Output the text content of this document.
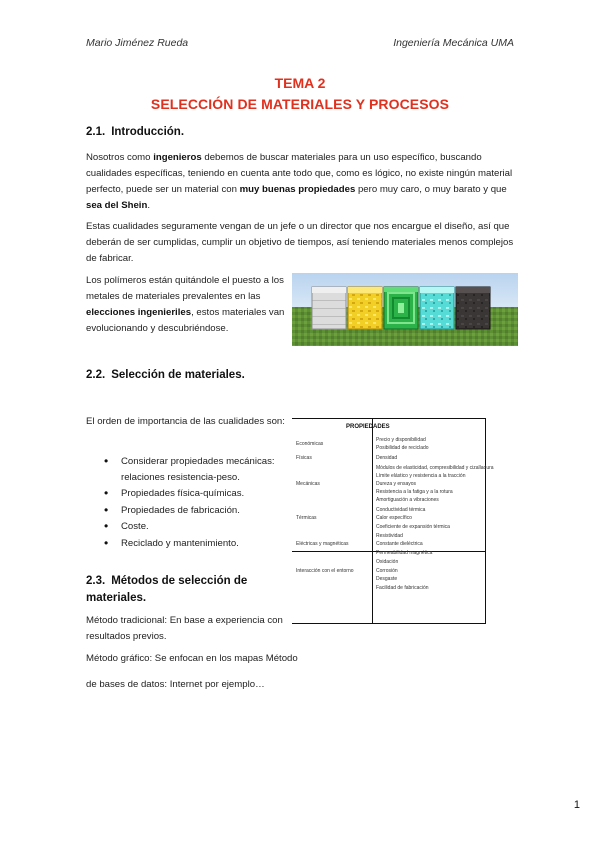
Mario Jiménez Rueda	Ingeniería Mecánica UMA
TEMA 2
SELECCIÓN DE MATERIALES Y PROCESOS
2.1. Introducción.

Nosotros como ingenieros debemos de buscar materiales para un uso específico, buscando cualidades específicas, teniendo en cuenta ante todo que, como es lógico, no existe ningún material perfecto, puede ser un material con muy buenas propiedades pero muy caro, o muy barato y que sea del Shein.

Estas cualidades seguramente vengan de un jefe o un director que nos encargue el diseño, así que deberán de ser cumplidas, cumplir un objetivo de tiempos, así teniendo materiales menos complejos de fabricar.

Los polímeros están quitándole el puesto a los metales de materiales prevalentes en las elecciones ingenieriles, estos materiales van evolucionando y descubriéndose.

2.2. Selección de materiales.

El orden de importancia de las cualidades son:

• Considerar propiedades mecánicas: relaciones resistencia-peso.
• Propiedades física-químicas.
• Propiedades de fabricación.
• Coste.
• Reciclado y mantenimiento.
PROPIEDADES
Precio y disponibilidad
Posibilidad de reciclado
Económicas
Densidad
Físicas
Módulos de elasticidad, compresibilidad y cizalladura
Límite elástico y resistencia a la tracción
Dureza y ensayos
Resistencia a la fatiga y a la rotura
Amortiguación a vibraciones
Mecánicas
Conductividad térmica
Calor específico
Coeficiente de expansión térmica
Térmicas
Resistividad
Constante dieléctrica
Permeabilidad magnética
Eléctricas y magnéticas
Oxidación
Corrosión
Desgaste
Interacción con el entorno
Facilidad de fabricación
2.3. Métodos de selección de materiales.

Método tradicional: En base a experiencia con resultados previos.

Método gráfico: Se enfocan en los mapas Método

de bases de datos: Internet por ejemplo…

1
